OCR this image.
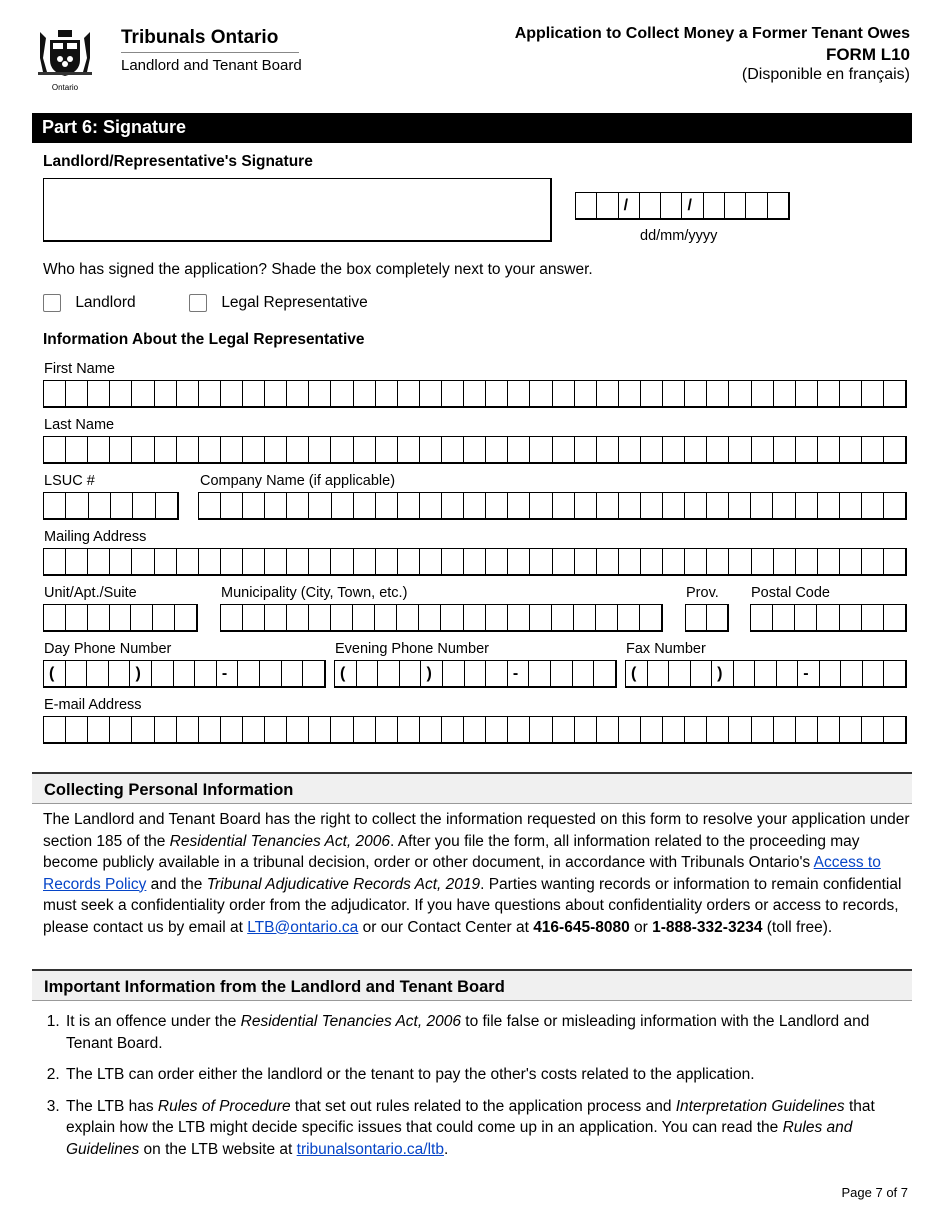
Ontario
Tribunals Ontario
Landlord and Tenant Board
Application to Collect Money a Former Tenant Owes
FORM L10
(Disponible en français)
Part 6: Signature
Landlord/Representative's Signature
/	/
dd/mm/yyyy
Who has signed the application? Shade the box completely next to your answer.
Landlord	Legal Representative
Information About the Legal Representative
First Name
Last Name
LSUC #	Company Name (if applicable)
Mailing Address
Unit/Apt./Suite	Municipality (City, Town, etc.)	Prov. Postal Code
Day Phone Number
(	)	-
Evening Phone Number
(	)	-
Fax Number
(	)	-
E-mail Address
Collecting Personal Information
The Landlord and Tenant Board has the right to collect the information requested on this form to resolve your application under section 185 of the Residential Tenancies Act, 2006. After you file the form, all information related to the proceeding may become publicly available in a tribunal decision, order or other document, in accordance with Tribunals Ontario's Access to Records Policy and the Tribunal Adjudicative Records Act, 2019. Parties wanting records or information to remain confidential must seek a confidentiality order from the adjudicator. If you have questions about confidentiality orders or access to records, please contact us by email at LTB@ontario.ca or our Contact Center at 416-645-8080 or 1-888-332-3234 (toll free).
Important Information from the Landlord and Tenant Board
1. It is an offence under the Residential Tenancies Act, 2006 to file false or misleading information with the Landlord and Tenant Board.
2. The LTB can order either the landlord or the tenant to pay the other's costs related to the application.
3. The LTB has Rules of Procedure that set out rules related to the application process and Interpretation Guidelines that explain how the LTB might decide specific issues that could come up in an application. You can read the Rules and Guidelines on the LTB website at tribunalsontario.ca/ltb.
Page 7 of 7
